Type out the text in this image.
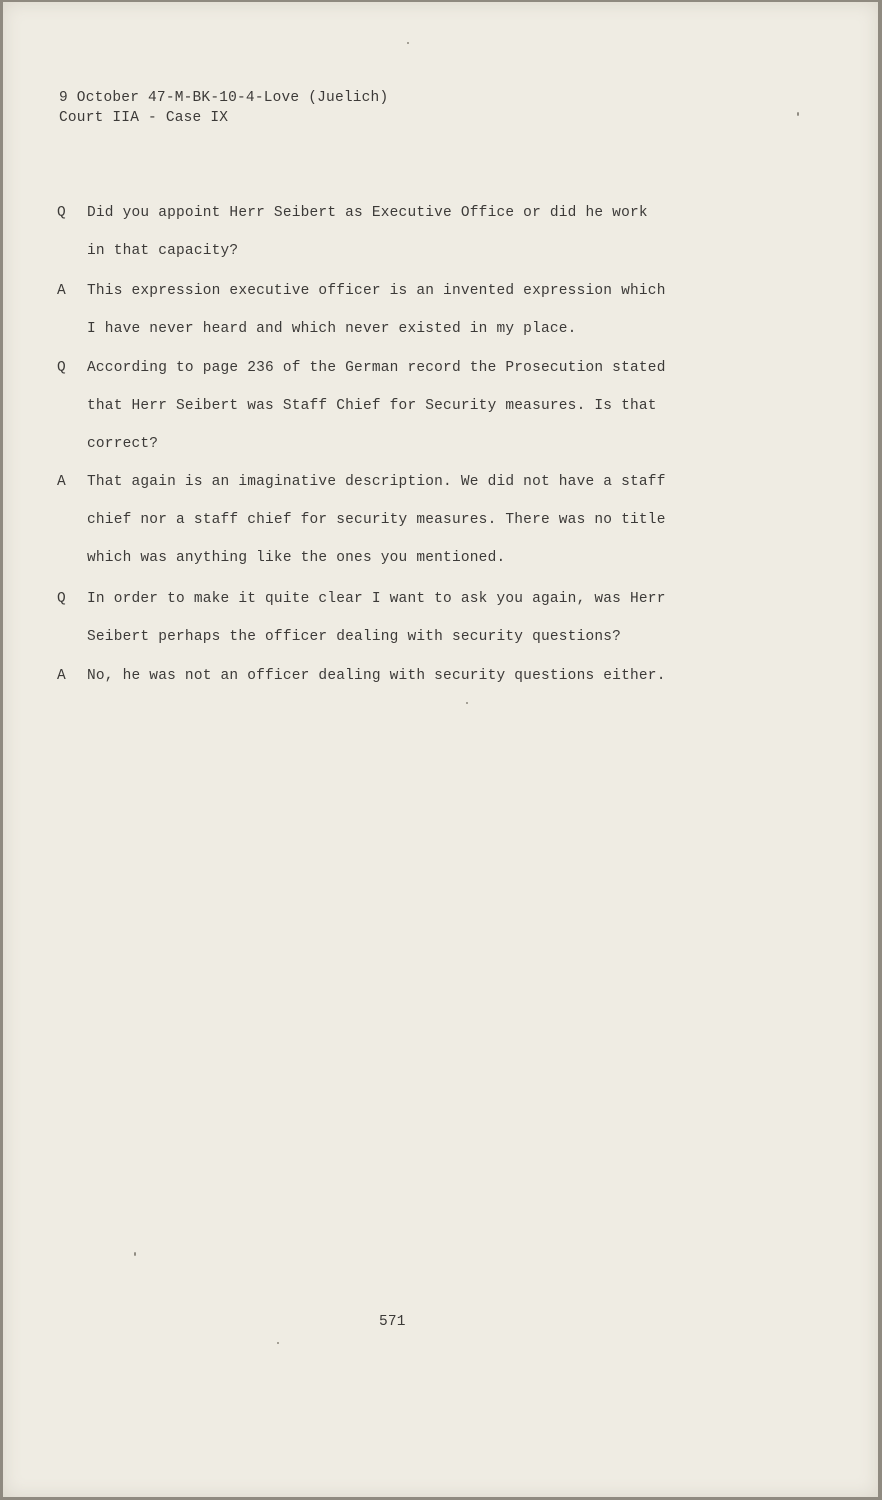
9 October 47-M-BK-10-4-Love (Juelich)
Court IIA - Case IX
Q Did you appoint Herr Seibert as Executive Office or did he work
in that capacity?
A This expression executive officer is an invented expression which
I have never heard and which never existed in my place.
Q According to page 236 of the German record the Prosecution stated
that Herr Seibert was Staff Chief for Security measures. Is that
correct?
A That again is an imaginative description. We did not have a staff
chief nor a staff chief for security measures. There was no title
which was anything like the ones you mentioned.
Q In order to make it quite clear I want to ask you again, was Herr
Seibert perhaps the officer dealing with security questions?
A No, he was not an officer dealing with security questions either.
571
